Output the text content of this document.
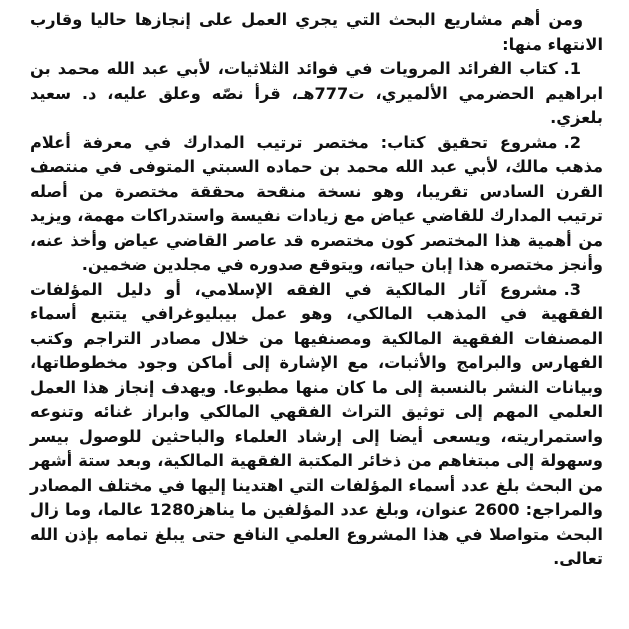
ومن أهم مشاريع البحث التي يجري العمل على إنجازها حاليا وقارب الانتهاء منها:

1.كتاب الفرائد المرويات في فوائد الثلاثيات، لأبي عبد الله محمد بن ابراهيم الحضرمي الألميري، ت777هـ، قرأ نصّه وعلق عليه، د. سعيد بلعزي.

2.مشروع تحقيق كتاب: مختصر ترتيب المدارك في معرفة أعلام مذهب مالك، لأبي عبد الله محمد بن حماده السبتي المتوفى في منتصف القرن السادس تقريبا، وهو نسخة منقحة محققة مختصرة من أصله ترتيب المدارك للقاضي عياض مع زيادات نفيسة واستدراكات مهمة، ويزيد من أهمية هذا المختصر كون مختصره قد عاصر القاضي عياض وأخذ عنه، وأنجز مختصره هذا إبان حياته، ويتوقع صدوره في مجلدين ضخمين.

3.مشروع آثار المالكية في الفقه الإسلامي، أو دليل المؤلفات الفقهية في المذهب المالكي، وهو عمل بيبليوغرافي يتتبع أسماء المصنفات الفقهية المالكية ومصنفيها من خلال مصادر التراجم وكتب الفهارس والبرامج والأثبات، مع الإشارة إلى أماكن وجود مخطوطاتها، وبيانات النشر بالنسبة إلى ما كان منها مطبوعا. ويهدف إنجاز هذا العمل العلمي المهم إلى توثيق التراث الفقهي المالكي وابراز غنائه وتنوعه واستمراريته، ويسعى أيضا إلى إرشاد العلماء والباحثين للوصول بيسر وسهولة إلى مبتغاهم من ذخائر المكتبة الفقهية المالكية، وبعد ستة أشهر من البحث بلغ عدد أسماء المؤلفات التي اهتدينا إليها في مختلف المصادر والمراجع: 2600 عنوان، وبلغ عدد المؤلفين ما يناهز1280 عالما، وما زال البحث متواصلا في هذا المشروع العلمي النافع حتى يبلغ تمامه بإذن الله تعالى.
